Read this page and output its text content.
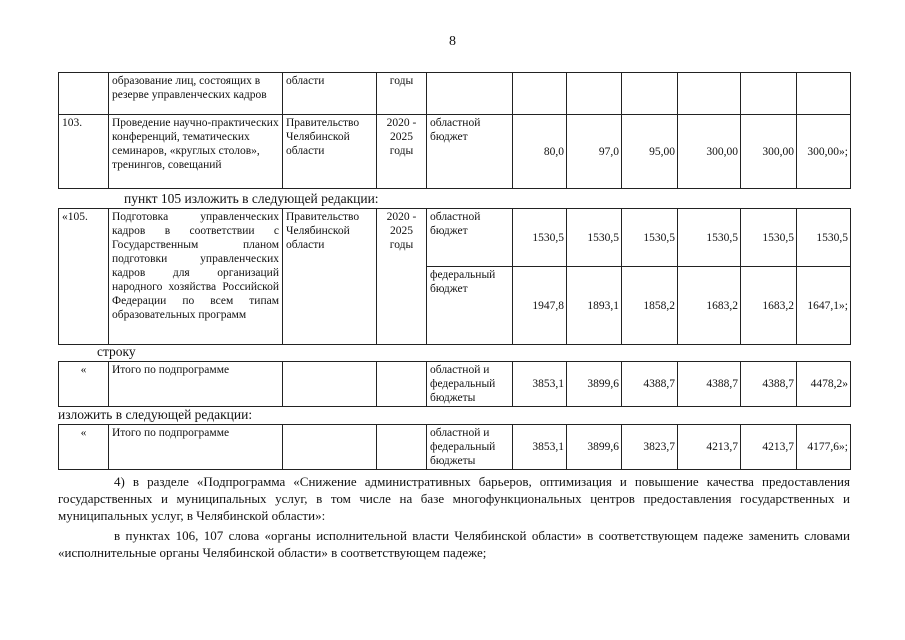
8
	образование лиц, состоящих в резерве управленческих кадров	области	годы							
103.	Проведение научно-практических конференций, тематических семинаров, «круглых столов», тренингов, совещаний	Правительство Челябинской области	2020 - 2025 годы	областной бюджет	80,0	97,0	95,00	300,00	300,00	300,00»;
пункт 105 изложить в следующей редакции:
«105.	Подготовка управленческих кадров в соответствии с Государственным планом подготовки управленческих кадров для организаций народного хозяйства Российской Федерации по всем типам образовательных программ	Правительство Челябинской области	2020 - 2025 годы	областной бюджет	1530,5	1530,5	1530,5	1530,5	1530,5	1530,5
				федеральный бюджет	1947,8	1893,1	1858,2	1683,2	1683,2	1647,1»;
строку
«	Итого по подпрограмме			областной и федеральный бюджеты	3853,1	3899,6	4388,7	4388,7	4388,7	4478,2»
изложить в следующей редакции:
«	Итого по подпрограмме			областной и федеральный бюджеты	3853,1	3899,6	3823,7	4213,7	4213,7	4177,6»;

4) в разделе «Подпрограмма «Снижение административных барьеров, оптимизация и повышение качества предоставления государственных и муниципальных услуг, в том числе на базе многофункциональных центров предоставления государственных и муниципальных услуг, в Челябинской области»:

в пунктах 106, 107 слова «органы исполнительной власти Челябинской области» в соответствующем падеже заменить словами «исполнительные органы Челябинской области» в соответствующем падеже;
